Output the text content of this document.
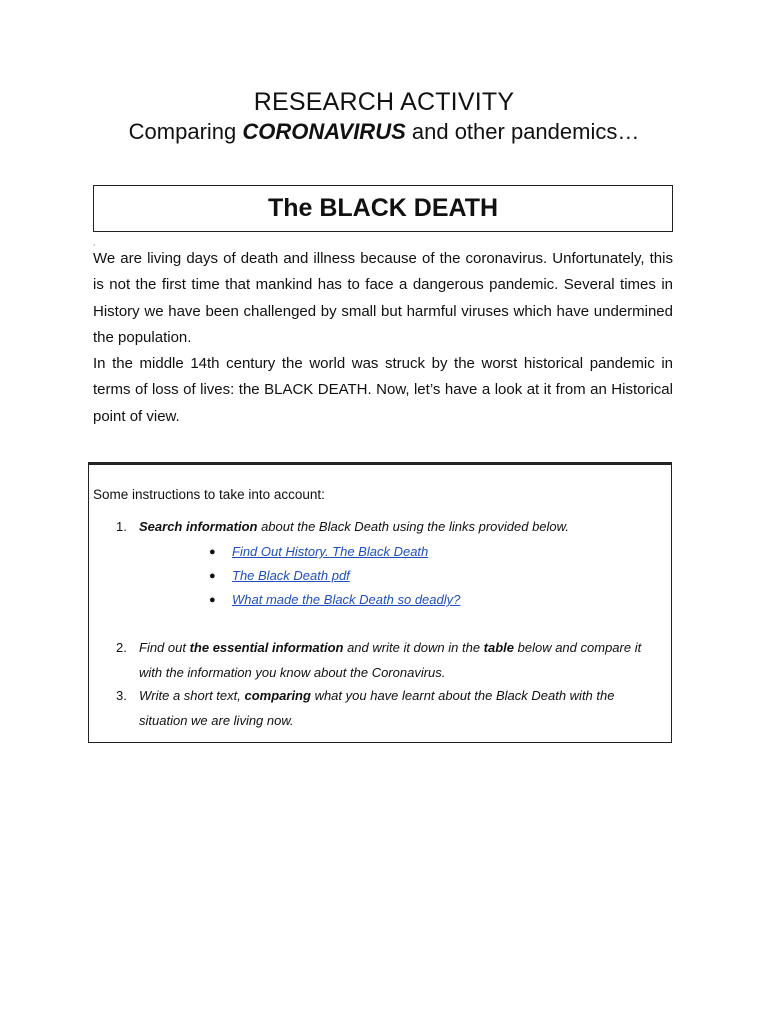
RESEARCH ACTIVITY
Comparing CORONAVIRUS and other pandemics…
The BLACK DEATH
,

We are living days of death and illness because of the coronavirus. Unfortunately, this is not the first time that mankind has to face a dangerous pandemic. Several times in History we have been challenged by small but harmful viruses which have undermined the population.

In the middle 14th century the world was struck by the worst historical pandemic in terms of loss of lives: the BLACK DEATH. Now, let’s have a look at it from an Historical point of view.

Some instructions to take into account:
1. Search information about the Black Death using the links provided below.
● Find Out History. The Black Death
● The Black Death pdf
● What made the Black Death so deadly?
2. Find out the essential information and write it down in the table below and compare it with the information you know about the Coronavirus.
3. Write a short text, comparing what you have learnt about the Black Death with the situation we are living now.
